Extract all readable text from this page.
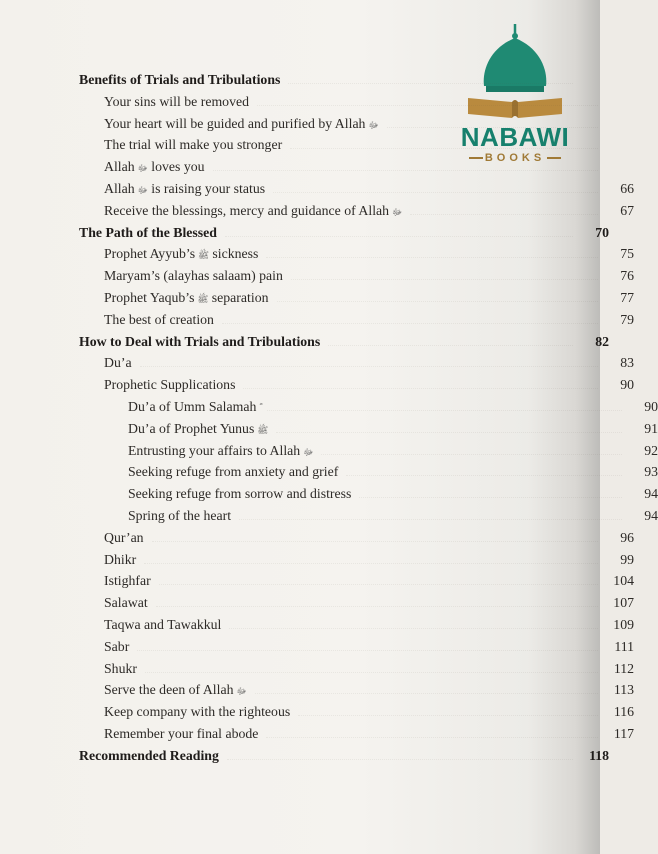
NABAWI
BOOKS
Benefits of Trials and Tribulations
Your sins will be removed
Your heart will be guided and purified by Allah ﷻ
The trial will make you stronger
Allah ﷻ loves you
Allah ﷻ is raising your status	66
Receive the blessings, mercy and guidance of Allah ﷻ	67
The Path of the Blessed	70
Prophet Ayyub’s ﷺ sickness	75
Maryam’s (alayhas salaam) pain	76
Prophet Yaqub’s ﷺ separation	77
The best of creation	79
How to Deal with Trials and Tribulations	82
Du’a	83
Prophetic Supplications	90
Du’a of Umm Salamah	90
Du’a of Prophet Yunus ﷺ	91
Entrusting your affairs to Allah ﷻ	92
Seeking refuge from anxiety and grief	93
Seeking refuge from sorrow and distress	94
Spring of the heart	94
Qur’an	96
Dhikr	99
Istighfar	104
Salawat	107
Taqwa and Tawakkul	109
Sabr	111
Shukr	112
Serve the deen of Allah ﷻ	113
Keep company with the righteous	116
Remember your final abode	117
Recommended Reading	118
